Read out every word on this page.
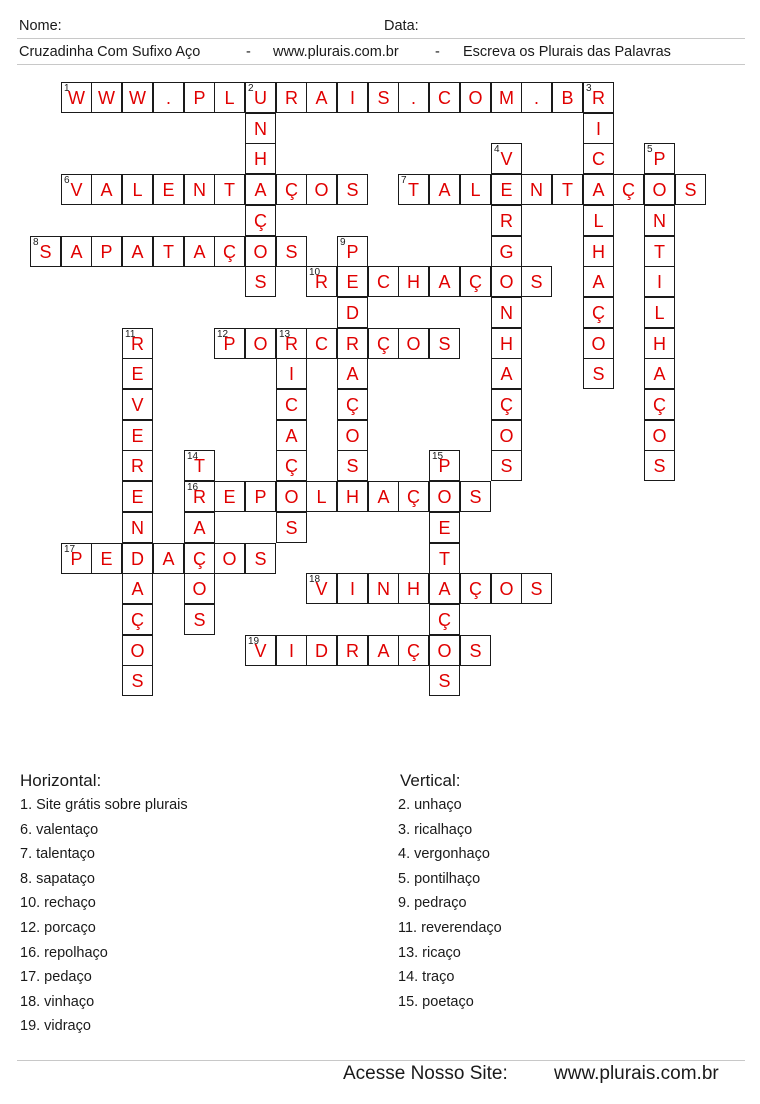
Nome:	Data:
Cruzadinha Com Sufixo Aço	- www.plurais.com.br	- Escreva os Plurais das Palavras
1
W W W	.	P	L	2 U	R A	I	S	.	C O M	.	B	3 R
N
H
A
Ç
O
S
I
C
A
L
H
A
Ç
O
S
4 V
E
R
G
O
N
H
A
Ç
O
S
5 P
O
N
T
I
L
H
A
Ç
O
S
6 V A	L	E	N	T	Ç O S	7 T	A	L	N	T	Ç	S
8 S	A P	A	T	A Ç	S	9 P
E
D
R
A
Ç
O
S
10
R	C H	A	Ç	S
11
R
E
V
E
R
E
N
D
A
Ç
O
S
12
P O	13
R C	Ç O S
I
C
A
Ç
O
S
14
T
16
R
A
Ç
O
S
15
P
O
E
T
A
Ç
O
S
E	P	L	H	A Ç	S
17
P E	A	O S
18
V	I	N H	Ç O S
19
V	I	D	R	A Ç	S
Horizontal:	Vertical:
1. Site grátis sobre plurais
6. valentaço
7. talentaço
8. sapataço
10. rechaço
12. porcaço
16. repolhaço
17. pedaço
18. vinhaço
19. vidraço
2. unhaço
3. ricalhaço
4. vergonhaço
5. pontilhaço
9. pedraço
11. reverendaço
13. ricaço
14. traço
15. poetaço
Acesse Nosso Site: www.plurais.com.br
